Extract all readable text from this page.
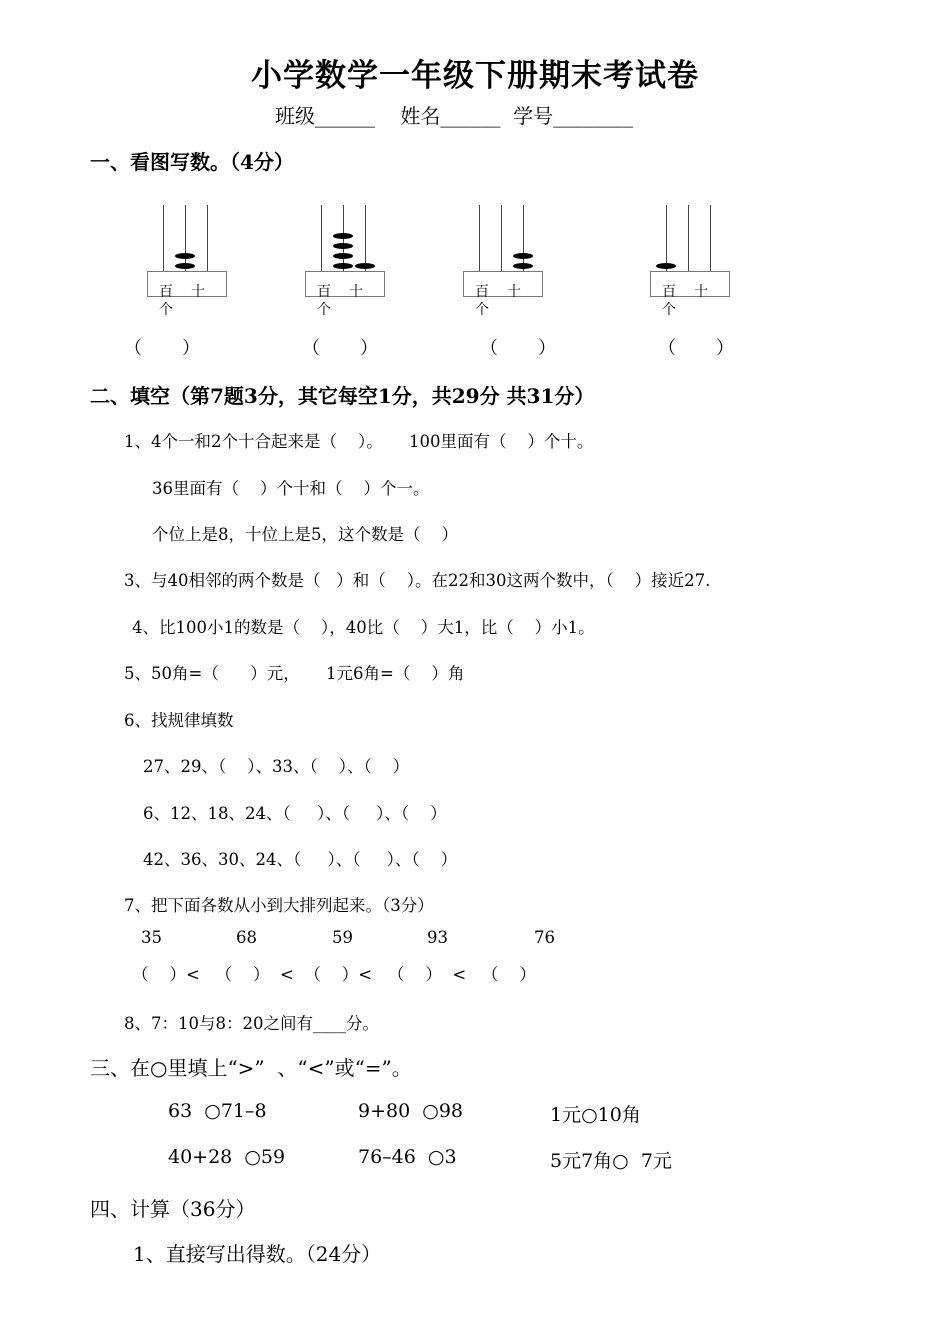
小学数学一年级下册期末考试卷
班级______    姓名______  学号________
一、看图写数。（4分）
百 十
个
百 十
个
百 十
个
百 十
个
（       ）	（       ）	（       ）	（       ）
二、填空（第7题3分，其它每空1分，共29分 共31分）
1、4个一和2个十合起来是（    ）。     100里面有（    ）个十。
36里面有（    ）个十和（    ）个一。
个位上是8，十位上是5，这个数是（    ）
3、与40相邻的两个数是（   ）和（    ）。在22和30这两个数中，（    ）接近27.
4、比100小1的数是（    ），40比（    ）大1，比（    ）小1。
5、50角=（      ）元，     1元6角=（    ）角
6、找规律填数
27、29、（    ）、33、（    ）、（    ）
6、12、18、24、（     ）、（     ）、（    ）
42、36、30、24、（     ）、（     ）、（    ）
7、把下面各数从小到大排列起来。（3分）
35	68	59	93	76
（    ）<   （    ）  <  （    ）<   （    ）  <   （    ）
8、7：10与8：20之间有____分。
三、在○里填上“>”  、“<”或“=”。
63  ○71–8	9+80  ○98	1元○10角
40+28  ○59	76–46  ○3	5元7角○  7元
四、计算（36分）
1、直接写出得数。（24分）
